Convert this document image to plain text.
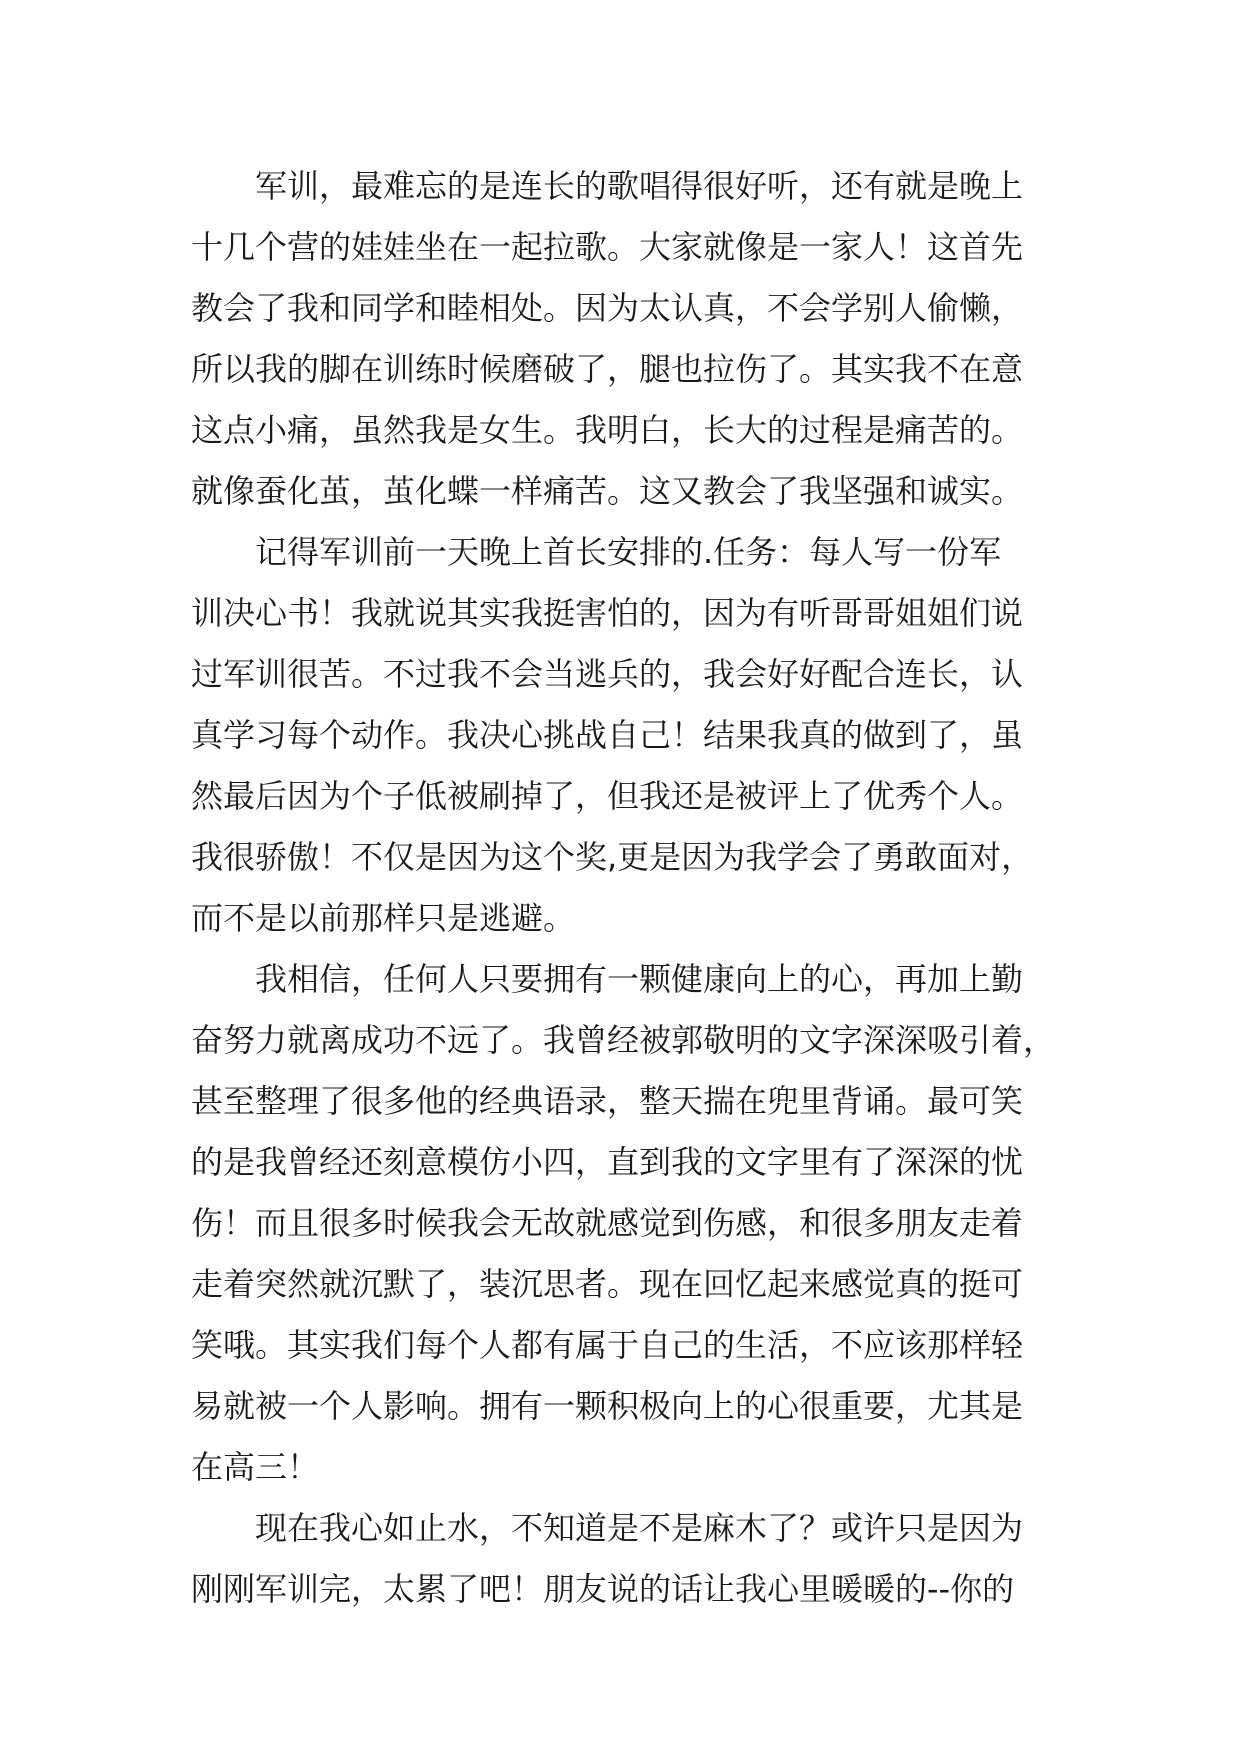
军训，最难忘的是连长的歌唱得很好听，还有就是晚上
十几个营的娃娃坐在一起拉歌。大家就像是一家人！这首先
教会了我和同学和睦相处。因为太认真，不会学别人偷懒，
所以我的脚在训练时候磨破了，腿也拉伤了。其实我不在意
这点小痛，虽然我是女生。我明白，长大的过程是痛苦的。
就像蚕化茧，茧化蝶一样痛苦。这又教会了我坚强和诚实。
记得军训前一天晚上首长安排的.任务：每人写一份军
训决心书！我就说其实我挺害怕的，因为有听哥哥姐姐们说
过军训很苦。不过我不会当逃兵的，我会好好配合连长，认
真学习每个动作。我决心挑战自己！结果我真的做到了，虽
然最后因为个子低被刷掉了，但我还是被评上了优秀个人。
我很骄傲！不仅是因为这个奖,更是因为我学会了勇敢面对，
而不是以前那样只是逃避。
我相信，任何人只要拥有一颗健康向上的心，再加上勤
奋努力就离成功不远了。我曾经被郭敬明的文字深深吸引着，
甚至整理了很多他的经典语录，整天揣在兜里背诵。最可笑
的是我曾经还刻意模仿小四，直到我的文字里有了深深的忧
伤！而且很多时候我会无故就感觉到伤感，和很多朋友走着
走着突然就沉默了，装沉思者。现在回忆起来感觉真的挺可
笑哦。其实我们每个人都有属于自己的生活，不应该那样轻
易就被一个人影响。拥有一颗积极向上的心很重要，尤其是
在高三！
现在我心如止水，不知道是不是麻木了？或许只是因为
刚刚军训完，太累了吧！朋友说的话让我心里暖暖的--你的
